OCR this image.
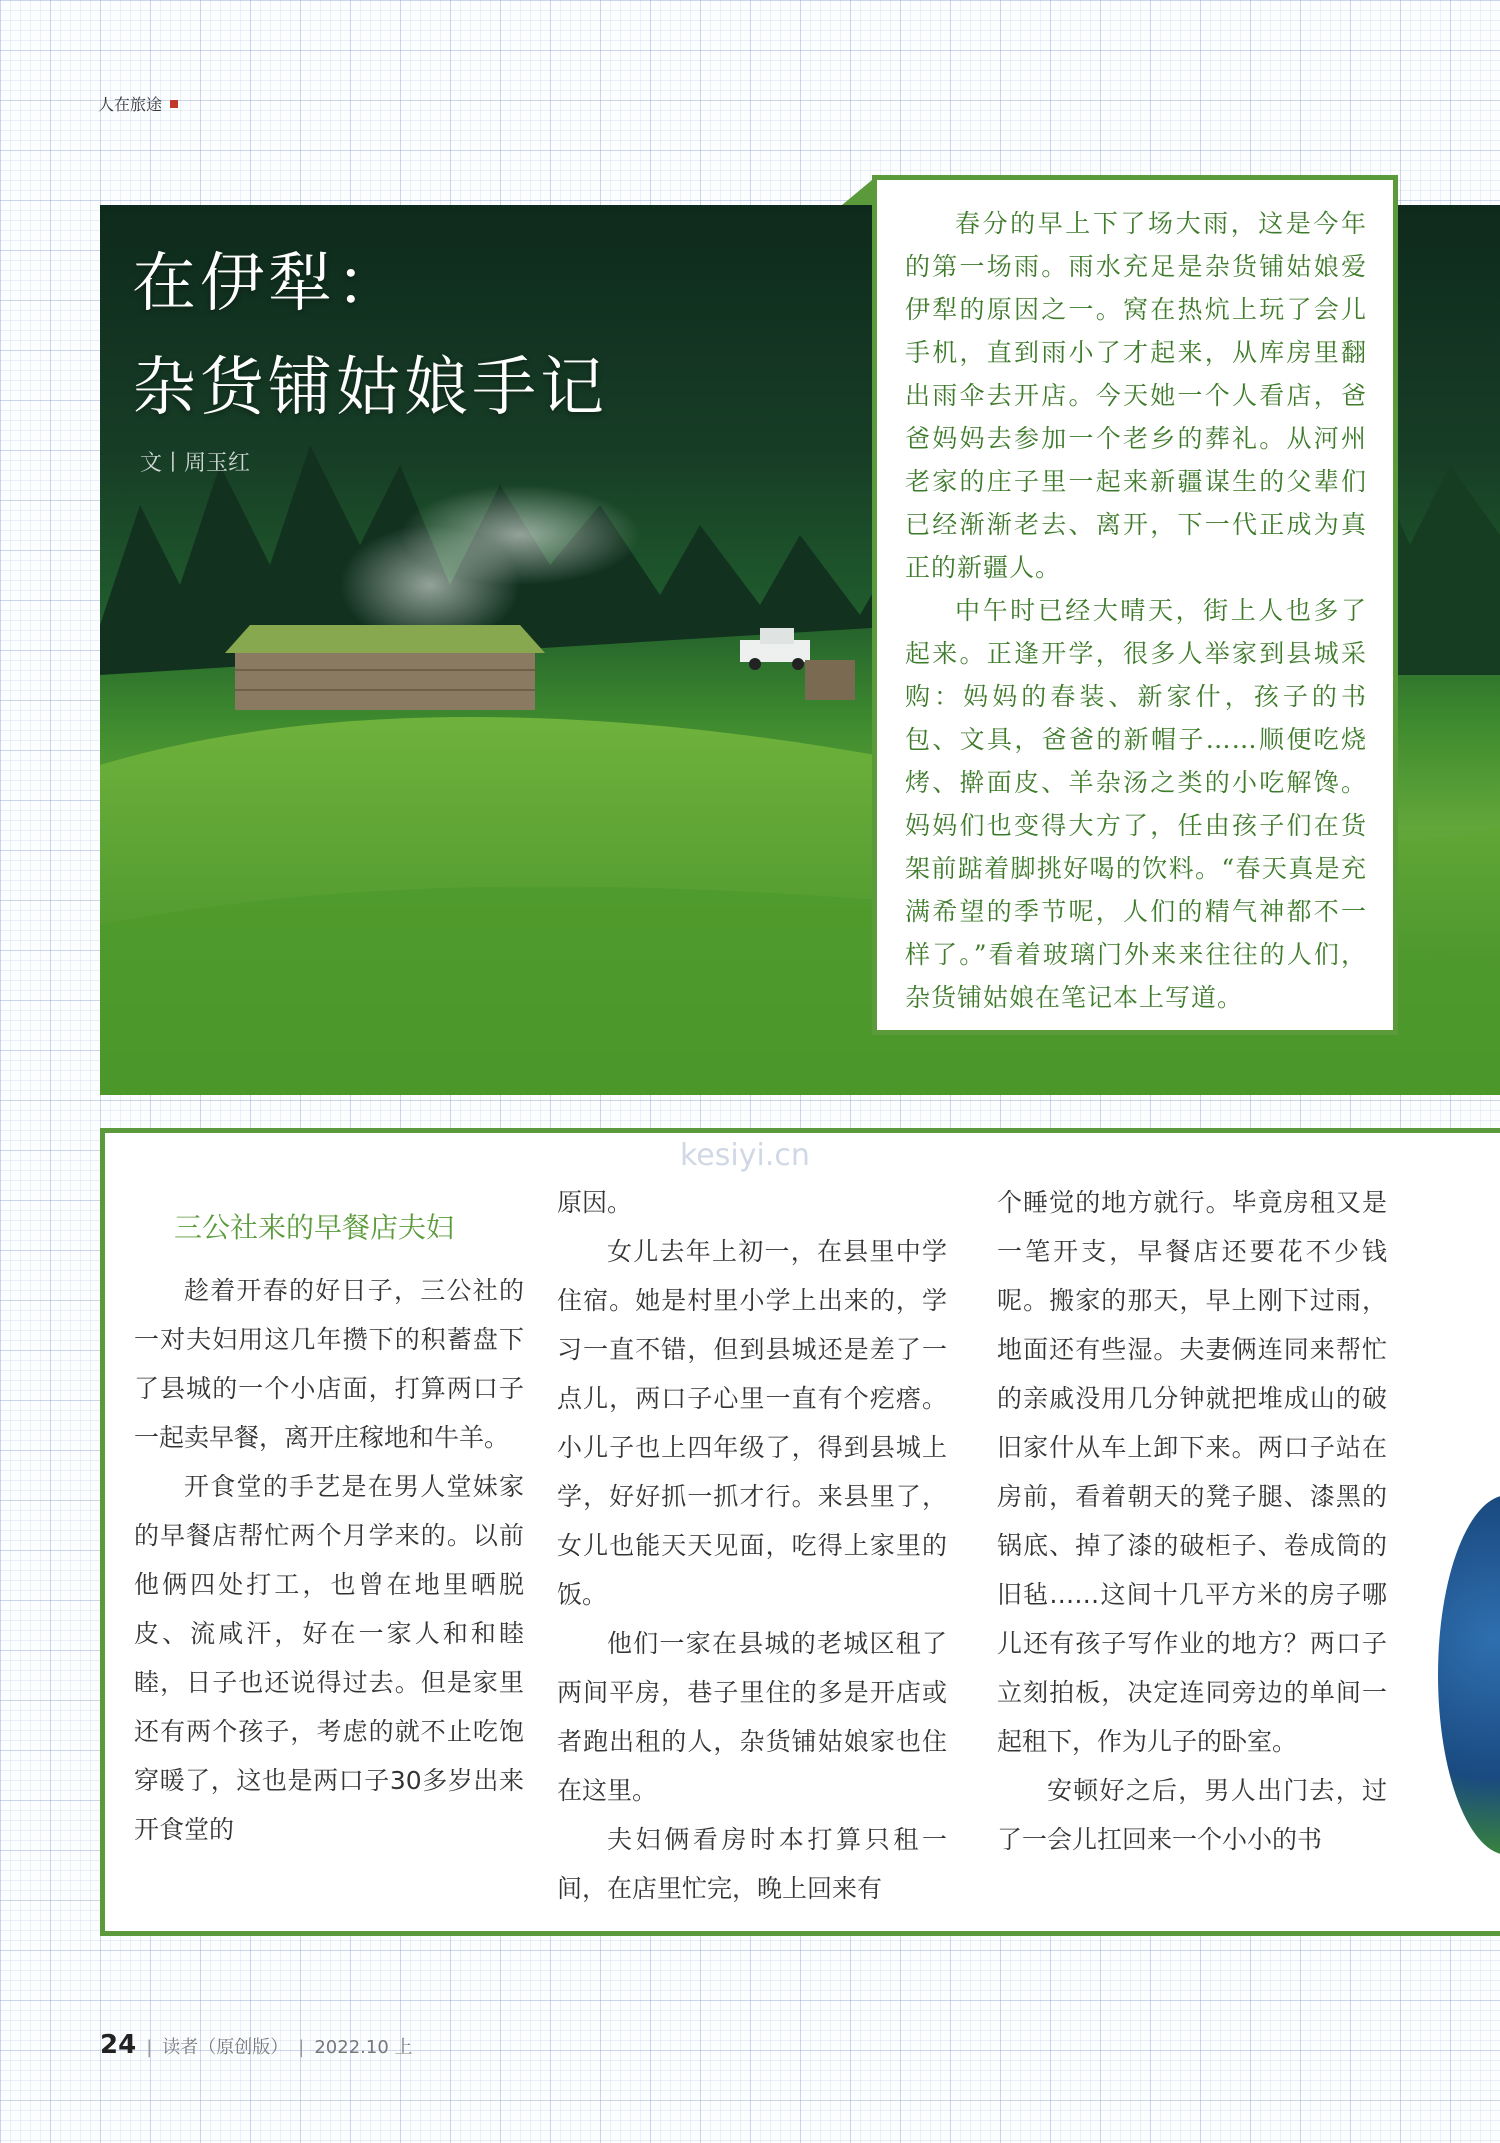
人在旅途
在伊犁：
杂货铺姑娘手记
文丨周玉红

春分的早上下了场大雨，这是今年的第一场雨。雨水充足是杂货铺姑娘爱伊犁的原因之一。窝在热炕上玩了会儿手机，直到雨小了才起来，从库房里翻出雨伞去开店。今天她一个人看店，爸爸妈妈去参加一个老乡的葬礼。从河州老家的庄子里一起来新疆谋生的父辈们已经渐渐老去、离开，下一代正成为真正的新疆人。

中午时已经大晴天，街上人也多了起来。正逢开学，很多人举家到县城采购：妈妈的春装、新家什，孩子的书包、文具，爸爸的新帽子……顺便吃烧烤、擀面皮、羊杂汤之类的小吃解馋。妈妈们也变得大方了，任由孩子们在货架前踮着脚挑好喝的饮料。“春天真是充满希望的季节呢，人们的精气神都不一样了。”看着玻璃门外来来往往的人们，杂货铺姑娘在笔记本上写道。

三公社来的早餐店夫妇

趁着开春的好日子，三公社的一对夫妇用这几年攒下的积蓄盘下了县城的一个小店面，打算两口子一起卖早餐，离开庄稼地和牛羊。

开食堂的手艺是在男人堂妹家的早餐店帮忙两个月学来的。以前他俩四处打工，也曾在地里晒脱皮、流咸汗，好在一家人和和睦睦，日子也还说得过去。但是家里还有两个孩子，考虑的就不止吃饱穿暖了，这也是两口子30多岁出来开食堂的

原因。

女儿去年上初一，在县里中学住宿。她是村里小学上出来的，学习一直不错，但到县城还是差了一点儿，两口子心里一直有个疙瘩。小儿子也上四年级了，得到县城上学，好好抓一抓才行。来县里了，女儿也能天天见面，吃得上家里的饭。

他们一家在县城的老城区租了两间平房，巷子里住的多是开店或者跑出租的人，杂货铺姑娘家也住在这里。

夫妇俩看房时本打算只租一间，在店里忙完，晚上回来有

个睡觉的地方就行。毕竟房租又是一笔开支，早餐店还要花不少钱呢。搬家的那天，早上刚下过雨，地面还有些湿。夫妻俩连同来帮忙的亲戚没用几分钟就把堆成山的破旧家什从车上卸下来。两口子站在房前，看着朝天的凳子腿、漆黑的锅底、掉了漆的破柜子、卷成筒的旧毡……这间十几平方米的房子哪儿还有孩子写作业的地方？两口子立刻拍板，决定连同旁边的单间一起租下，作为儿子的卧室。

安顿好之后，男人出门去，过了一会儿扛回来一个小小的书

kesiyi.cn
24 | 读者（原创版） | 2022.10 上
